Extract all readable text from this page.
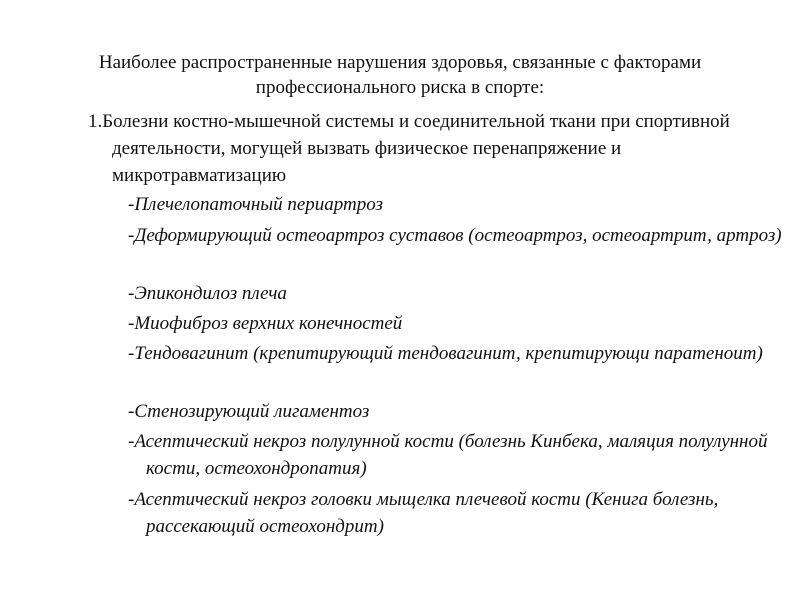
Наиболее распространенные нарушения здоровья, связанные с факторами профессионального риска в спорте:

1.Болезни костно-мышечной системы и соединительной ткани при спортивной деятельности, могущей вызвать физическое перенапряжение и микротравматизацию

-Плечелопаточный периартроз
-Деформирующий остеоартроз суставов (остеоартроз, остеоартрит, артроз)
-Эпикондилоз плеча
-Миофиброз верхних конечностей
-Тендовагинит (крепитирующий тендовагинит, крепитирующи паратеноит)
-Стенозирующий лигаментоз
-Асептический некроз полулунной кости (болезнь Кинбека, маляция полулунной кости, остеохондропатия)
-Асептический некроз головки мыщелка плечевой кости (Кенига болезнь, рассекающий остеохондрит)
